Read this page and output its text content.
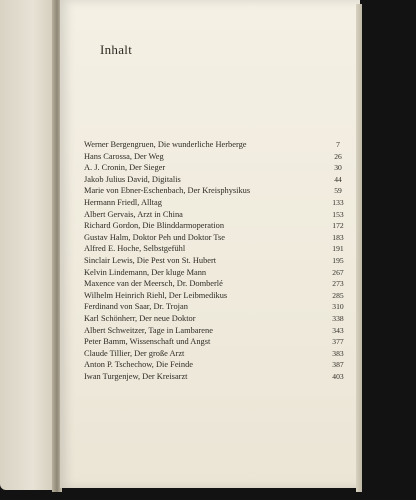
Inhalt
Werner Bergengruen, Die wunderliche Herberge	7
Hans Carossa, Der Weg	26
A. J. Cronin, Der Sieger	30
Jakob Julius David, Digitalis	44
Marie von Ebner-Eschenbach, Der Kreisphysikus	59
Hermann Friedl, Alltag	133
Albert Gervais, Arzt in China	153
Richard Gordon, Die Blinddarmoperation	172
Gustav Halm, Doktor Peh und Doktor Tse	183
Alfred E. Hoche, Selbstgefühl	191
Sinclair Lewis, Die Pest von St. Hubert	195
Kelvin Lindemann, Der kluge Mann	267
Maxence van der Meersch, Dr. Domberlé	273
Wilhelm Heinrich Riehl, Der Leibmedikus	285
Ferdinand von Saar, Dr. Trojan	310
Karl Schönherr, Der neue Doktor	338
Albert Schweitzer, Tage in Lambarene	343
Peter Bamm, Wissenschaft und Angst	377
Claude Tillier, Der große Arzt	383
Anton P. Tschechow, Die Feinde	387
Iwan Turgenjew, Der Kreisarzt	403
